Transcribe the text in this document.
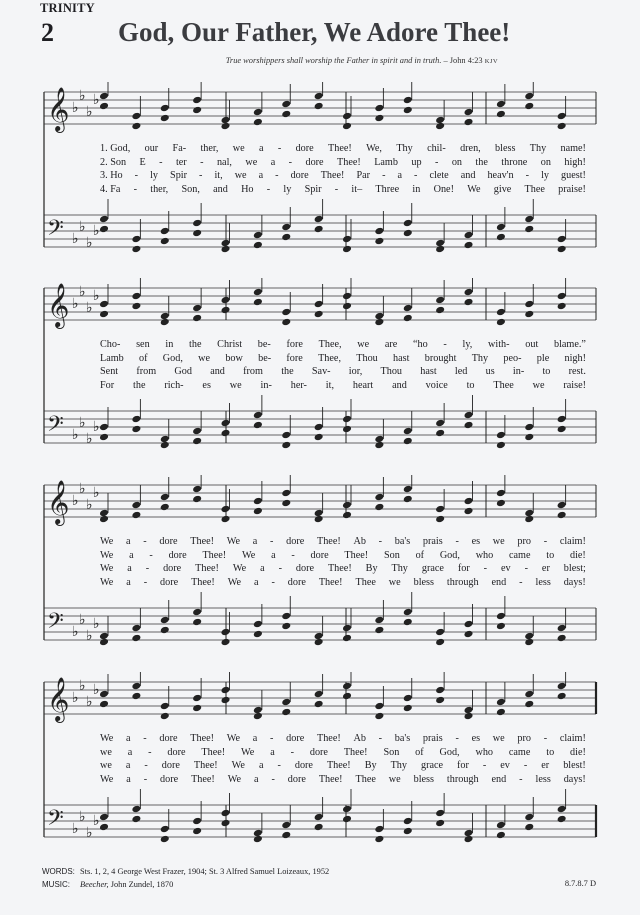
TRINITY
2 God, Our Father, We Adore Thee!
True worshippers shall worship the Father in spirit and in truth. – John 4:23 KJV
𝄞 ♭
♭
♭
♭
𝄢 ♭
♭
♭
♭
1. God, our Fa- ther, we a - dore Thee! We, Thy chil- dren, bless Thy name!
2. Son E - ter - nal, we a - dore Thee! Lamb up - on the throne on high!
3. Ho - ly Spir - it, we a - dore Thee! Par - a - clete and heav'n - ly guest!
4. Fa - ther, Son, and Ho - ly Spir - it– Three in One! We give Thee praise!
𝄞 ♭
♭
♭
♭
𝄢 ♭
♭
♭
♭
Cho- sen in the Christ be- fore Thee, we are “ho - ly, with- out blame.”
Lamb of God, we bow be- fore Thee, Thou hast brought Thy peo- ple nigh!
Sent from God and from the Sav- ior, Thou hast led us in- to rest.
For the rich- es we in- her- it, heart and voice to Thee we raise!
𝄞 ♭
♭
♭
♭
𝄢 ♭
♭
♭
♭
We a - dore Thee! We a - dore Thee! Ab - ba's prais - es we pro - claim!
We a - dore Thee! We a - dore Thee! Son of God, who came to die!
We a - dore Thee! We a - dore Thee! By Thy grace for - ev - er blest;
We a - dore Thee! We a - dore Thee! Thee we bless through end - less days!
𝄞 ♭
♭
♭
♭
𝄢 ♭
♭
♭
♭
We a - dore Thee! We a - dore Thee! Ab - ba's prais - es we pro - claim!
we a - dore Thee! We a - dore Thee! Son of God, who came to die!
we a - dore Thee! We a - dore Thee! By Thy grace for - ev - er blest!
We a - dore Thee! We a - dore Thee! Thee we bless through end - less days!
WORDS: Sts. 1, 2, 4 George West Frazer, 1904; St. 3 Alfred Samuel Loizeaux, 1952
MUSIC:	Beecher, John Zundel, 1870	8.7.8.7 D
